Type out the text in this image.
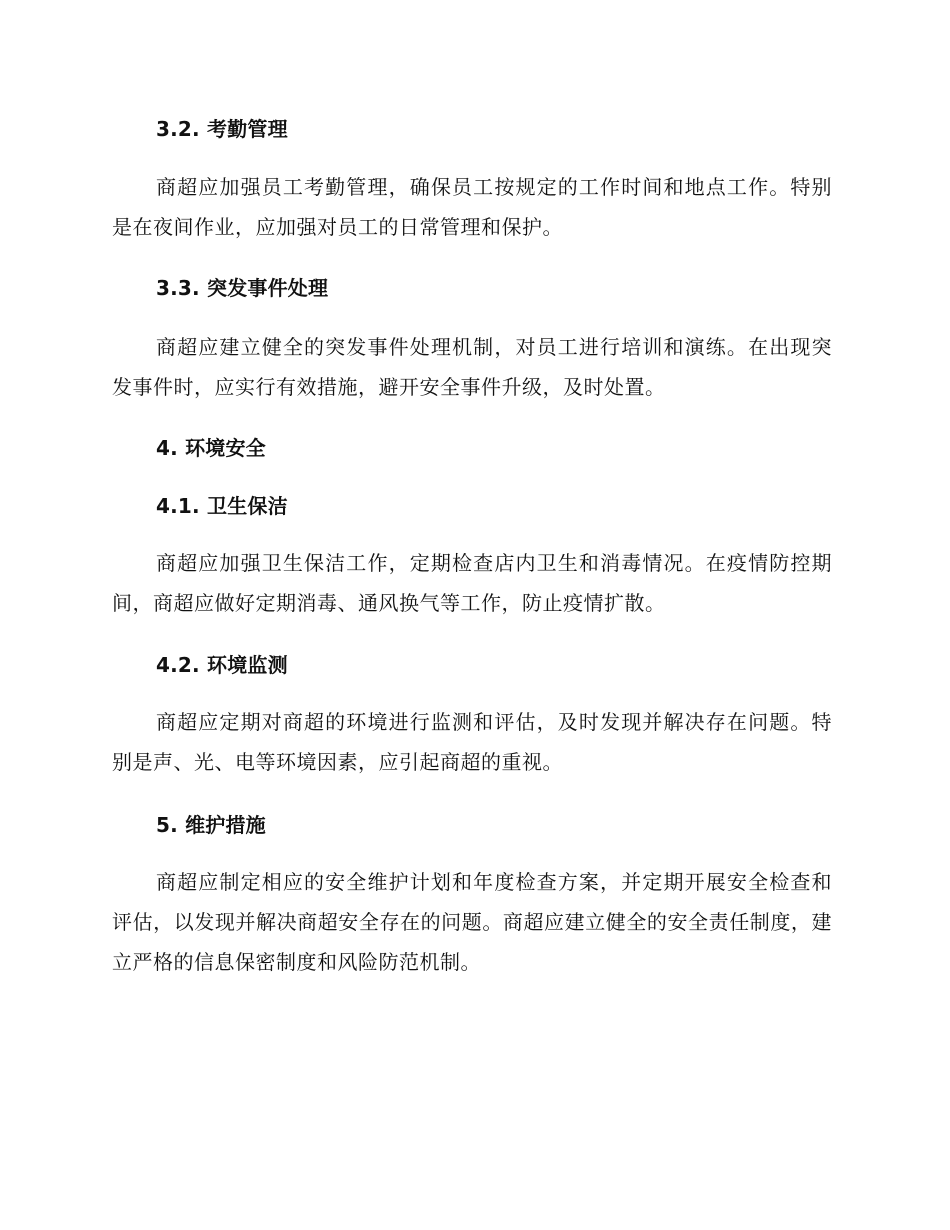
3.2. 考勤管理

商超应加强员工考勤管理，确保员工按规定的工作时间和地点工作。特别是在夜间作业，应加强对员工的日常管理和保护。

3.3. 突发事件处理

商超应建立健全的突发事件处理机制，对员工进行培训和演练。在出现突发事件时，应实行有效措施，避开安全事件升级，及时处置。

4. 环境安全
4.1. 卫生保洁

商超应加强卫生保洁工作，定期检查店内卫生和消毒情况。在疫情防控期间，商超应做好定期消毒、通风换气等工作，防止疫情扩散。

4.2. 环境监测

商超应定期对商超的环境进行监测和评估，及时发现并解决存在问题。特别是声、光、电等环境因素，应引起商超的重视。

5. 维护措施

商超应制定相应的安全维护计划和年度检查方案，并定期开展安全检查和评估，以发现并解决商超安全存在的问题。商超应建立健全的安全责任制度，建立严格的信息保密制度和风险防范机制。
